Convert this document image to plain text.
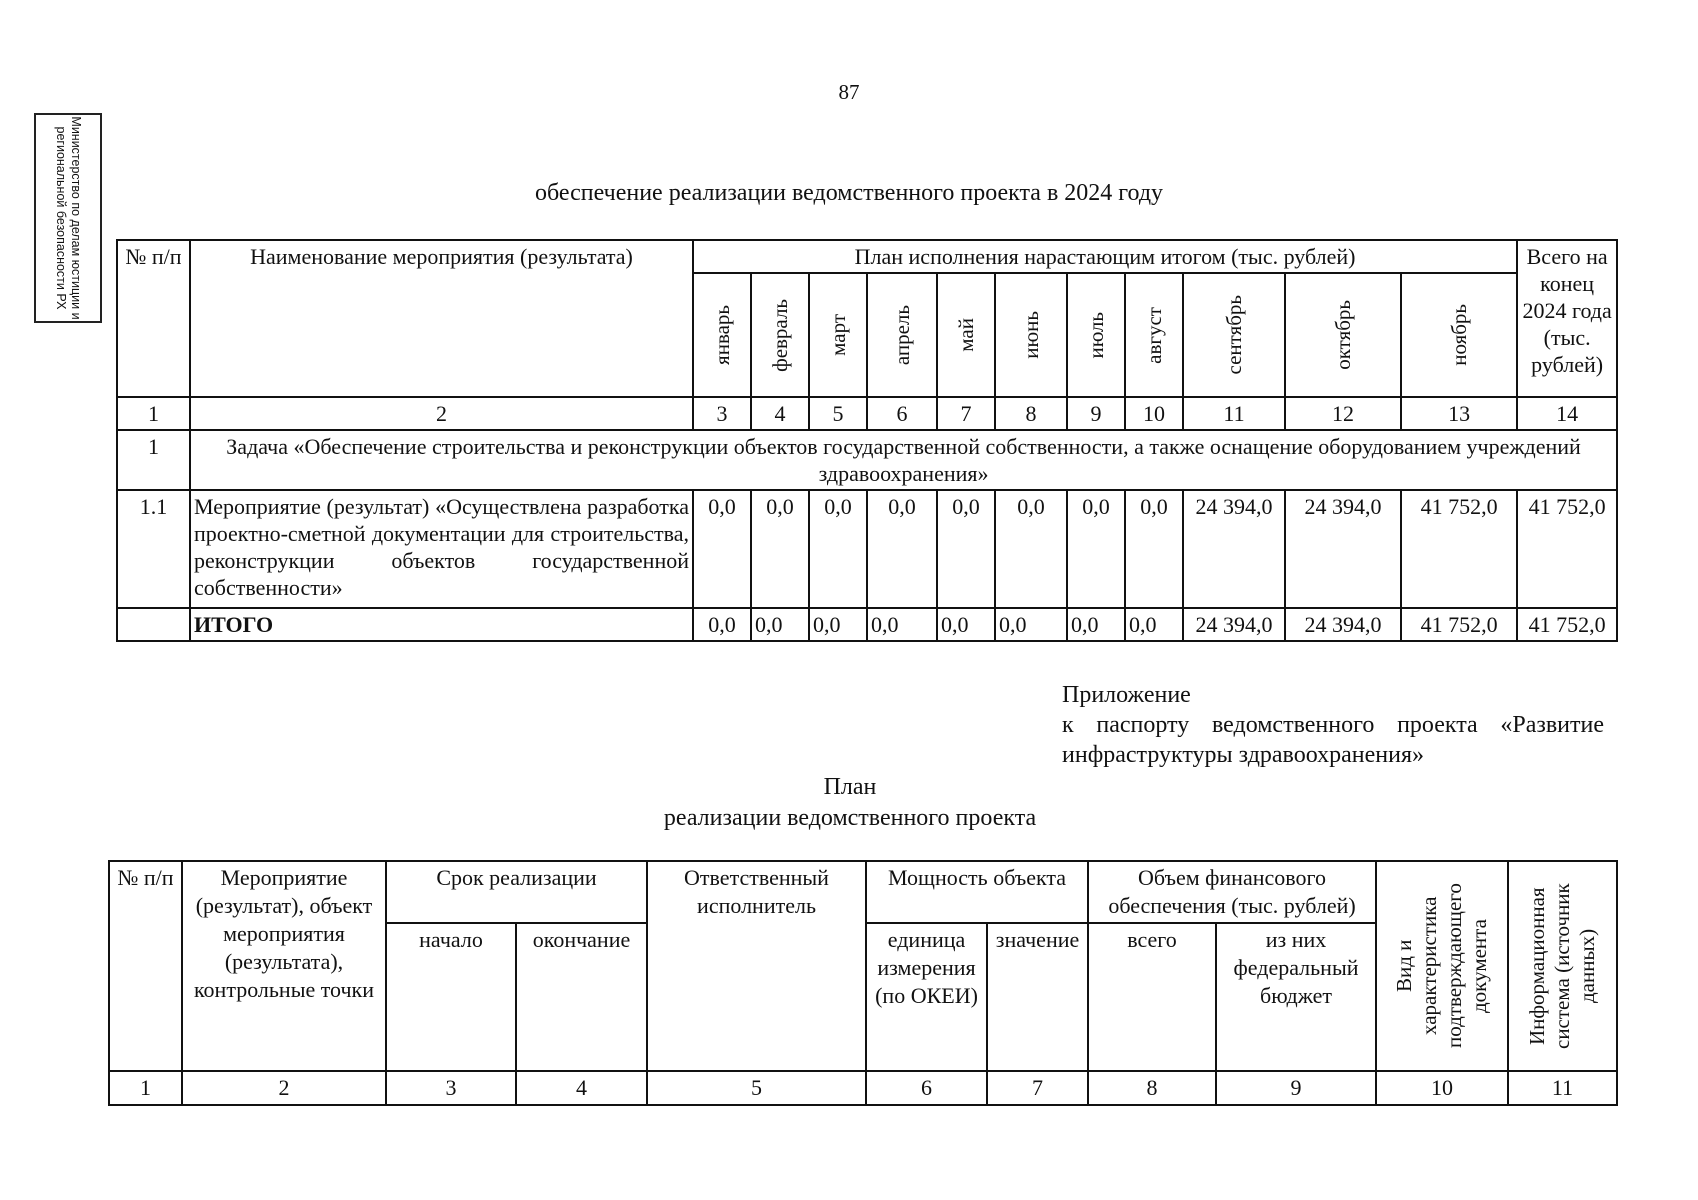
87
Министерство по делам юстиции и региональной безопасности РХ	обеспечение реализации ведомственного проекта в 2024 году
№ п/п	Наименование мероприятия (результата)	План исполнения нарастающим итогом (тыс. рублей)											Всего на конец 2024 года (тыс. рублей)

		январь	февраль	март	апрель	май	июнь	июль	август	сентябрь	октябрь	ноябрь	

1	2	3	4	5	6	7	8	9	10	11	12	13	14
1	Задача «Обеспечение строительства и реконструкции объектов государственной собственности, а также оснащение оборудованием учреждений здравоохранения»												
1.1	Мероприятие (результат) «Осуществлена разработка проектно-сметной документации для строительства, реконструкции объектов государственной собственности»	0,0	0,0	0,0	0,0	0,0	0,0	0,0	0,0	24 394,0	24 394,0	41 752,0	41 752,0
	ИТОГО	0,0	0,0	0,0	0,0	0,0	0,0	0,0	0,0	24 394,0	24 394,0	41 752,0	41 752,0
Приложение
к паспорту ведомственного проекта «Развитие инфраструктуры здравоохранения»
План
реализации ведомственного проекта
№ п/п	Мероприятие (результат), объект мероприятия (результата), контрольные точки	Срок реализации		Ответственный исполнитель	Мощность объекта		Объем финансового обеспечения (тыс. рублей)		Вид и характеристика подтверждающего документа	Информационная система (источник данных)

		начало	окончание		единица измерения (по ОКЕИ)	значение	всего	из них федеральный бюджет		
1	2	3	4	5	6	7	8	9	10	11
